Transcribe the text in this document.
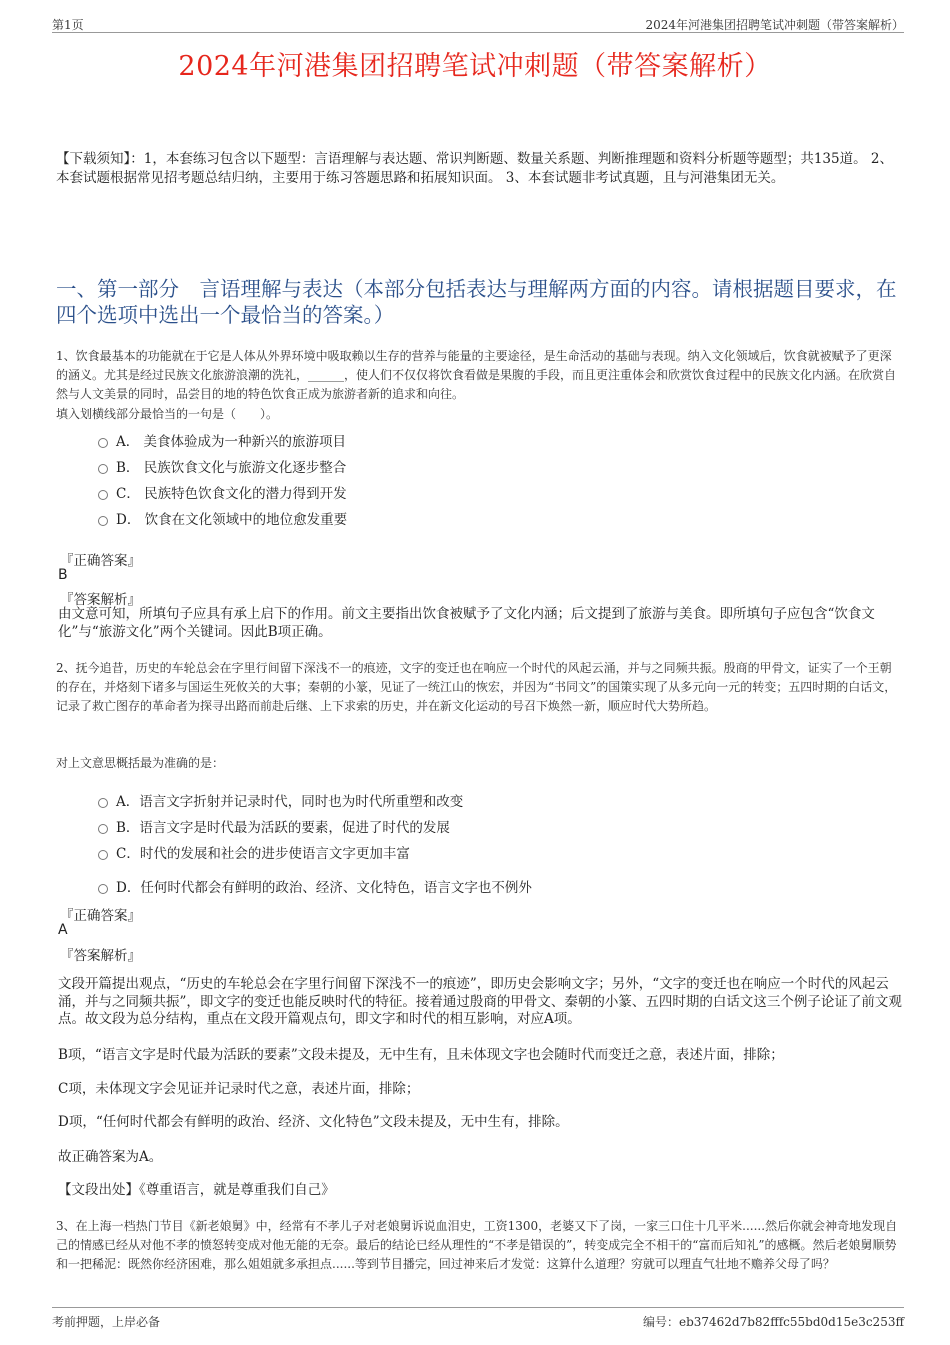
第1页	2024年河港集团招聘笔试冲刺题（带答案解析）
2024年河港集团招聘笔试冲刺题（带答案解析）
【下载须知】：1，本套练习包含以下题型：言语理解与表达题、常识判断题、数量关系题、判断推理题和资料分析题等题型；共135道。 2、本套试题根据常见招考题总结归纳，主要用于练习答题思路和拓展知识面。 3、本套试题非考试真题，且与河港集团无关。
一、第一部分　言语理解与表达（本部分包括表达与理解两方面的内容。请根据题目要求，在四个选项中选出一个最恰当的答案。）
1、饮食最基本的功能就在于它是人体从外界环境中吸取赖以生存的营养与能量的主要途径，是生命活动的基础与表现。纳入文化领域后，饮食就被赋予了更深的涵义。尤其是经过民族文化旅游浪潮的洗礼，______，使人们不仅仅将饮食看做是果腹的手段，而且更注重体会和欣赏饮食过程中的民族文化内涵。在欣赏自然与人文美景的同时，品尝目的地的特色饮食正成为旅游者新的追求和向往。
填入划横线部分最恰当的一句是（　　）。
A． 美食体验成为一种新兴的旅游项目
B． 民族饮食文化与旅游文化逐步整合
C． 民族特色饮食文化的潜力得到开发
D． 饮食在文化领域中的地位愈发重要
『正确答案』
B
『答案解析』
由文意可知，所填句子应具有承上启下的作用。前文主要指出饮食被赋予了文化内涵；后文提到了旅游与美食。即所填句子应包含“饮食文化”与“旅游文化”两个关键词。因此B项正确。
2、抚今追昔，历史的车轮总会在字里行间留下深浅不一的痕迹，文字的变迁也在响应一个时代的风起云涌，并与之同频共振。殷商的甲骨文，证实了一个王朝的存在，并烙刻下诸多与国运生死攸关的大事；秦朝的小篆，见证了一统江山的恢宏，并因为“书同文”的国策实现了从多元向一元的转变；五四时期的白话文，记录了救亡图存的革命者为探寻出路而前赴后继、上下求索的历史，并在新文化运动的号召下焕然一新，顺应时代大势所趋。
对上文意思概括最为准确的是：
A．语言文字折射并记录时代，同时也为时代所重塑和改变
B．语言文字是时代最为活跃的要素，促进了时代的发展
C．时代的发展和社会的进步使语言文字更加丰富
D．任何时代都会有鲜明的政治、经济、文化特色，语言文字也不例外
『正确答案』
A
『答案解析』
文段开篇提出观点，“历史的车轮总会在字里行间留下深浅不一的痕迹”，即历史会影响文字；另外，“文字的变迁也在响应一个时代的风起云涌，并与之同频共振”，即文字的变迁也能反映时代的特征。接着通过殷商的甲骨文、秦朝的小篆、五四时期的白话文这三个例子论证了前文观点。故文段为总分结构，重点在文段开篇观点句，即文字和时代的相互影响，对应A项。
B项，“语言文字是时代最为活跃的要素”文段未提及，无中生有，且未体现文字也会随时代而变迁之意，表述片面，排除；
C项，未体现文字会见证并记录时代之意，表述片面，排除；
D项，“任何时代都会有鲜明的政治、经济、文化特色”文段未提及，无中生有，排除。
故正确答案为A。
【文段出处】《尊重语言，就是尊重我们自己》
3、在上海一档热门节目《新老娘舅》中，经常有不孝儿子对老娘舅诉说血泪史，工资1300，老婆又下了岗，一家三口住十几平米......然后你就会神奇地发现自己的情感已经从对他不孝的愤怒转变成对他无能的无奈。最后的结论已经从理性的“不孝是错误的”，转变成完全不相干的“富而后知礼”的感概。然后老娘舅顺势和一把稀泥：既然你经济困难，那么姐姐就多承担点......等到节目播完，回过神来后才发觉：这算什么道理？穷就可以理直气壮地不赡养父母了吗？
考前押题，上岸必备	编号：eb37462d7b82fffc55bd0d15e3c253ff
